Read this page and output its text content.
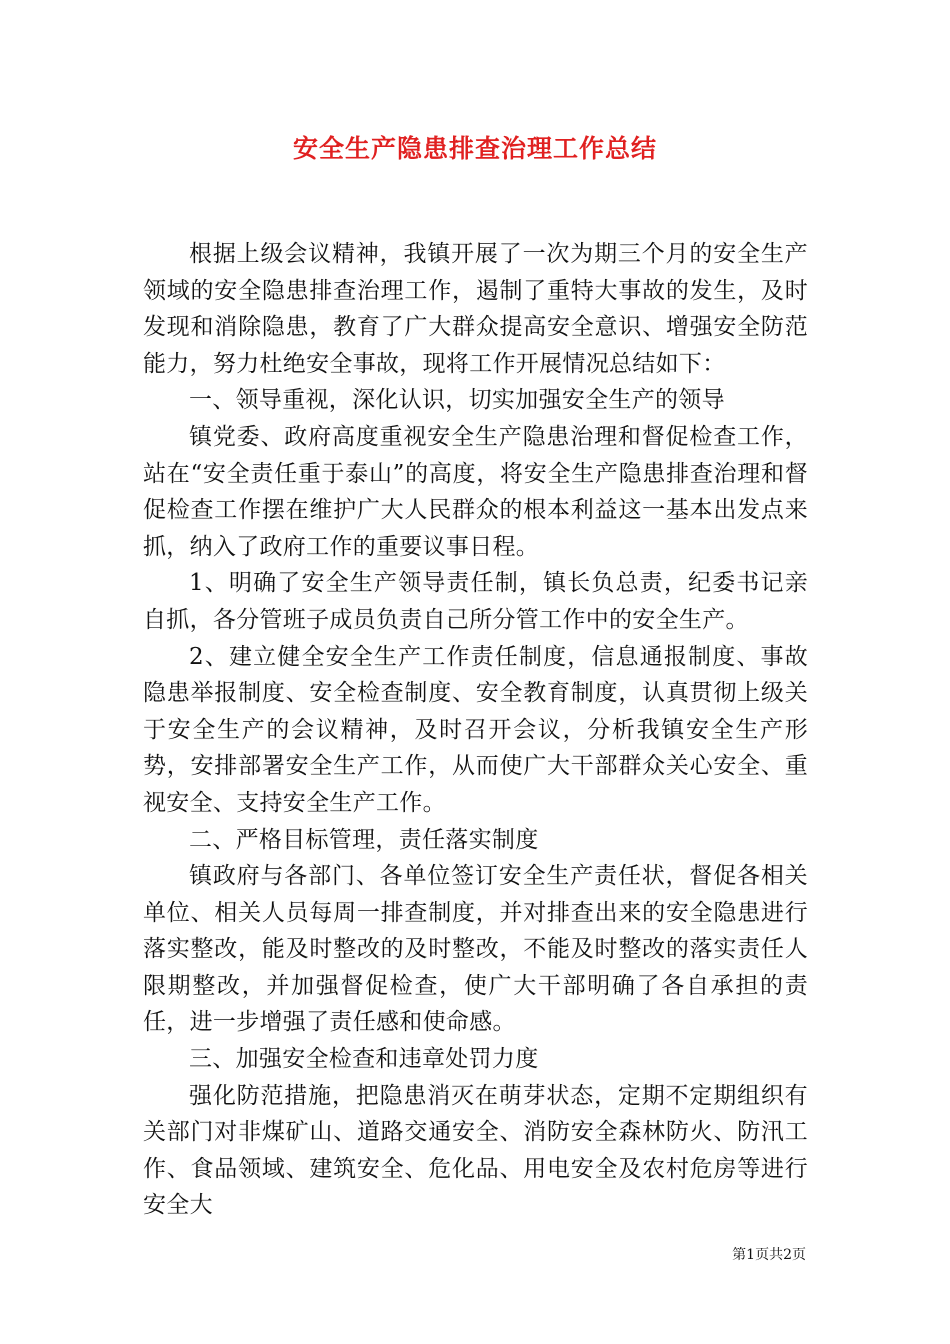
安全生产隐患排查治理工作总结

根据上级会议精神，我镇开展了一次为期三个月的安全生产领域的安全隐患排查治理工作，遏制了重特大事故的发生，及时发现和消除隐患，教育了广大群众提高安全意识、增强安全防范能力，努力杜绝安全事故，现将工作开展情况总结如下：

一、领导重视，深化认识，切实加强安全生产的领导

镇党委、政府高度重视安全生产隐患治理和督促检查工作，站在“安全责任重于泰山”的高度，将安全生产隐患排查治理和督促检查工作摆在维护广大人民群众的根本利益这一基本出发点来抓，纳入了政府工作的重要议事日程。

1、明确了安全生产领导责任制，镇长负总责，纪委书记亲自抓，各分管班子成员负责自己所分管工作中的安全生产。

2、建立健全安全生产工作责任制度，信息通报制度、事故隐患举报制度、安全检查制度、安全教育制度，认真贯彻上级关于安全生产的会议精神，及时召开会议，分析我镇安全生产形势，安排部署安全生产工作，从而使广大干部群众关心安全、重视安全、支持安全生产工作。

二、严格目标管理，责任落实制度

镇政府与各部门、各单位签订安全生产责任状，督促各相关单位、相关人员每周一排查制度，并对排查出来的安全隐患进行落实整改，能及时整改的及时整改，不能及时整改的落实责任人限期整改，并加强督促检查，使广大干部明确了各自承担的责任，进一步增强了责任感和使命感。

三、加强安全检查和违章处罚力度

强化防范措施，把隐患消灭在萌芽状态，定期不定期组织有关部门对非煤矿山、道路交通安全、消防安全森林防火、防汛工作、食品领域、建筑安全、危化品、用电安全及农村危房等进行安全大

第1页共2页
